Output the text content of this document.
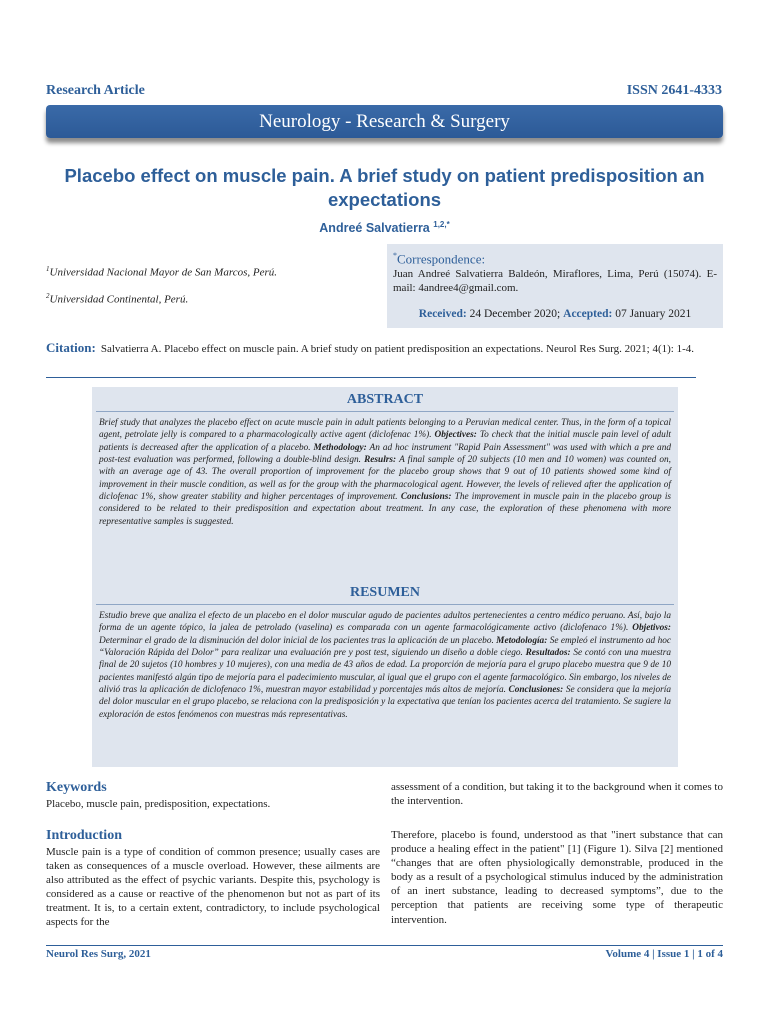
Research Article	ISSN 2641-4333
Neurology - Research & Surgery
Placebo effect on muscle pain. A brief study on patient predisposition an expectations
Andreé Salvatierra $^{1,2,*}$
$^1$Universidad Nacional Mayor de San Marcos, Perú.
$^2$Universidad Continental, Perú.
*Correspondence:
Juan Andreé Salvatierra Baldeón, Miraflores, Lima, Perú (15074). E-mail: 4andree4@gmail.com.
Received: 24 December 2020; Accepted: 07 January 2021
Citation: Salvatierra A. Placebo effect on muscle pain. A brief study on patient predisposition an expectations. Neurol Res Surg. 2021; 4(1): 1-4.
ABSTRACT
Brief study that analyzes the placebo effect on acute muscle pain in adult patients belonging to a Peruvian medical center. Thus, in the form of a topical agent, petrolate jelly is compared to a pharmacologically active agent (diclofenac 1%). Objectives: To check that the initial muscle pain level of adult patients is decreased after the application of a placebo. Methodology: An ad hoc instrument "Rapid Pain Assessment" was used with which a pre and post-test evaluation was performed, following a double-blind design. Resulrs: A final sample of 20 subjects (10 men and 10 women) was counted on, with an average age of 43. The overall proportion of improvement for the placebo group shows that 9 out of 10 patients showed some kind of improvement in their muscle condition, as well as for the group with the pharmacological agent. However, the levels of relieved after the application of diclofenac 1%, show greater stability and higher percentages of improvement. Conclusions: The improvement in muscle pain in the placebo group is considered to be related to their predisposition and expectation about treatment. In any case, the exploration of these phenomena with more representative samples is suggested.
RESUMEN
Estudio breve que analiza el efecto de un placebo en el dolor muscular agudo de pacientes adultos pertenecientes a centro médico peruano. Así, bajo la forma de un agente tópico, la jalea de petrolado (vaselina) es comparada con un agente farmacológicamente activo (diclofenaco 1%). Objetivos: Determinar el grado de la disminución del dolor inicial de los pacientes tras la aplicación de un placebo. Metodología: Se empleó el instrumento ad hoc “Valoración Rápida del Dolor” para realizar una evaluación pre y post test, siguiendo un diseño a doble ciego. Resultados: Se contó con una muestra final de 20 sujetos (10 hombres y 10 mujeres), con una media de 43 años de edad. La proporción de mejoría para el grupo placebo muestra que 9 de 10 pacientes manifestó algún tipo de mejoría para el padecimiento muscular, al igual que el grupo con el agente farmacológico. Sin embargo, los niveles de alivió tras la aplicación de diclofenaco 1%, muestran mayor estabilidad y porcentajes más altos de mejoría. Conclusiones: Se considera que la mejoría del dolor muscular en el grupo placebo, se relaciona con la predisposición y la expectativa que tenían los pacientes acerca del tratamiento. Se sugiere la exploración de estos fenómenos con muestras más representativas.
Keywords
Placebo, muscle pain, predisposition, expectations.
Introduction
Muscle pain is a type of condition of common presence; usually cases are taken as consequences of a muscle overload. However, these ailments are also attributed as the effect of psychic variants. Despite this, psychology is considered as a cause or reactive of the phenomenon but not as part of its treatment. It is, to a certain extent, contradictory, to include psychological aspects for the
assessment of a condition, but taking it to the background when it comes to the intervention.
Therefore, placebo is found, understood as that "inert substance that can produce a healing effect in the patient" [1] (Figure 1). Silva [2] mentioned “changes that are often physiologically demonstrable, produced in the body as a result of a psychological stimulus induced by the administration of an inert substance, leading to decreased symptoms”, due to the perception that patients are receiving some type of therapeutic intervention.
Neurol Res Surg, 2021	Volume 4 | Issue 1 | 1 of 4
